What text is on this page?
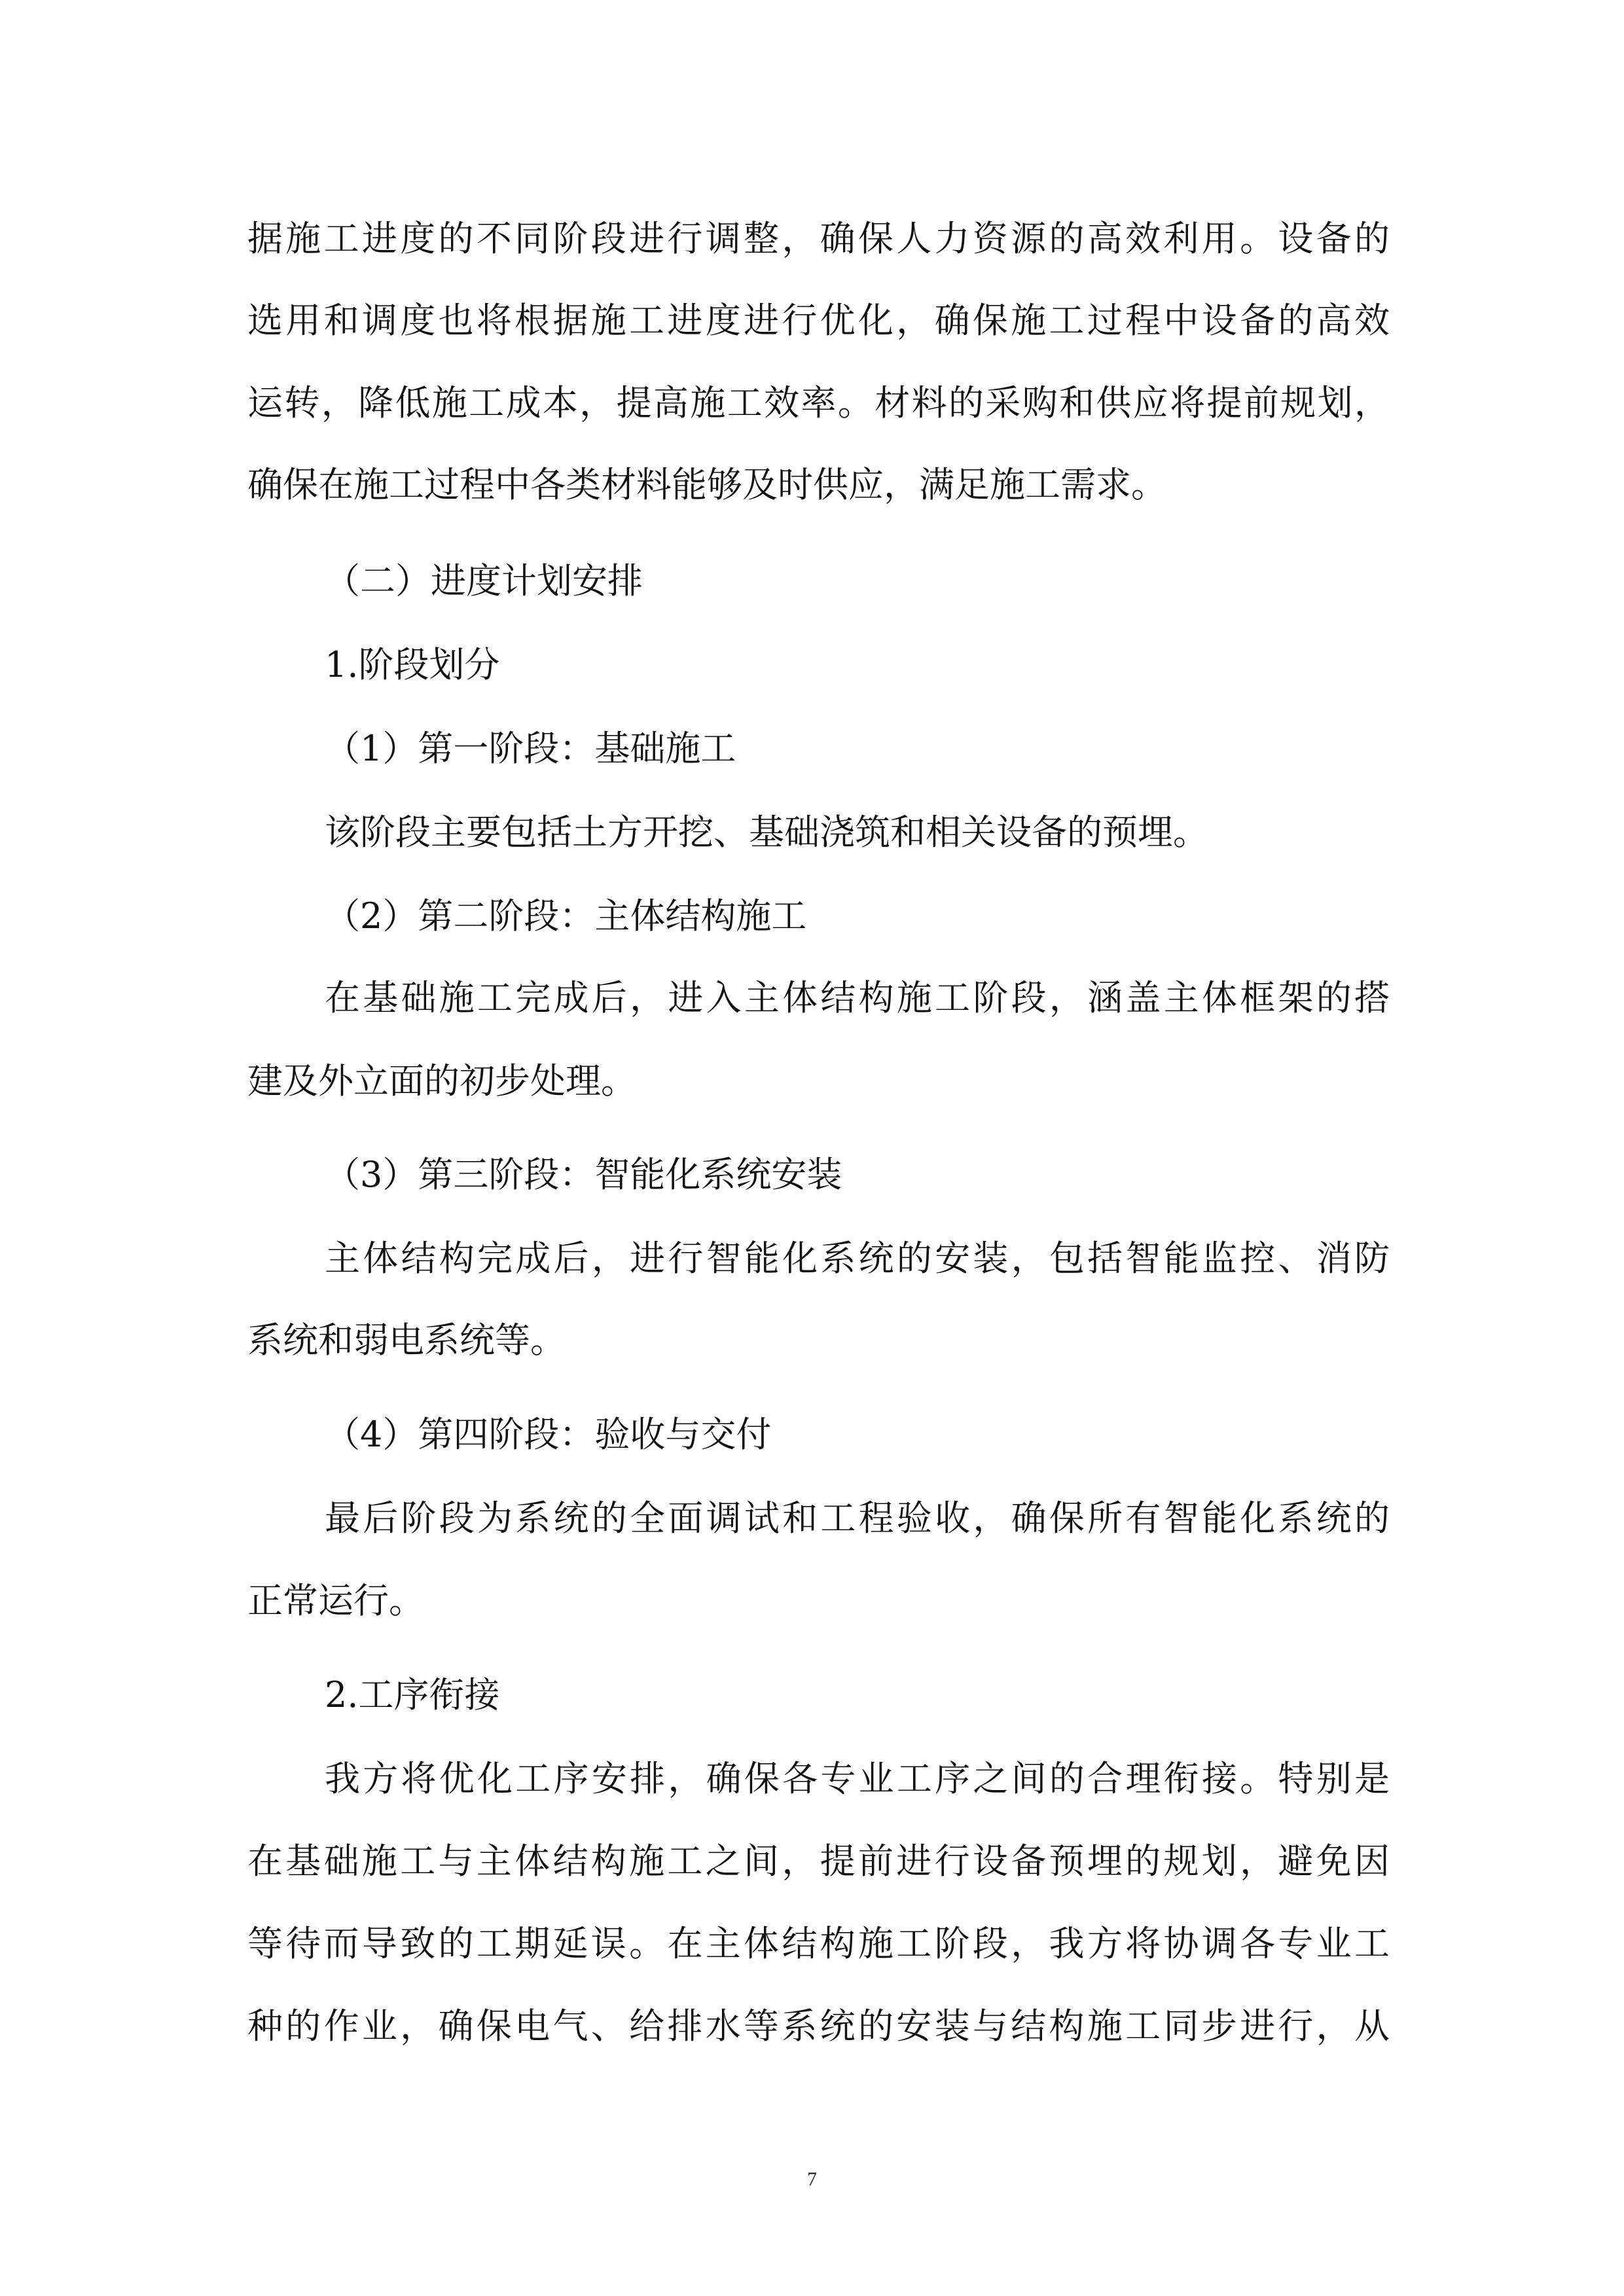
据施工进度的不同阶段进行调整，确保人力资源的高效利用。设备的
选用和调度也将根据施工进度进行优化，确保施工过程中设备的高效
运转，降低施工成本，提高施工效率。材料的采购和供应将提前规划，
确保在施工过程中各类材料能够及时供应，满足施工需求。
（二）进度计划安排
1.阶段划分
（1）第一阶段：基础施工
该阶段主要包括土方开挖、基础浇筑和相关设备的预埋。
（2）第二阶段：主体结构施工
在基础施工完成后，进入主体结构施工阶段，涵盖主体框架的搭
建及外立面的初步处理。
（3）第三阶段：智能化系统安装
主体结构完成后，进行智能化系统的安装，包括智能监控、消防
系统和弱电系统等。
（4）第四阶段：验收与交付
最后阶段为系统的全面调试和工程验收，确保所有智能化系统的
正常运行。
2.工序衔接
我方将优化工序安排，确保各专业工序之间的合理衔接。特别是
在基础施工与主体结构施工之间，提前进行设备预埋的规划，避免因
等待而导致的工期延误。在主体结构施工阶段，我方将协调各专业工
种的作业，确保电气、给排水等系统的安装与结构施工同步进行，从
7
